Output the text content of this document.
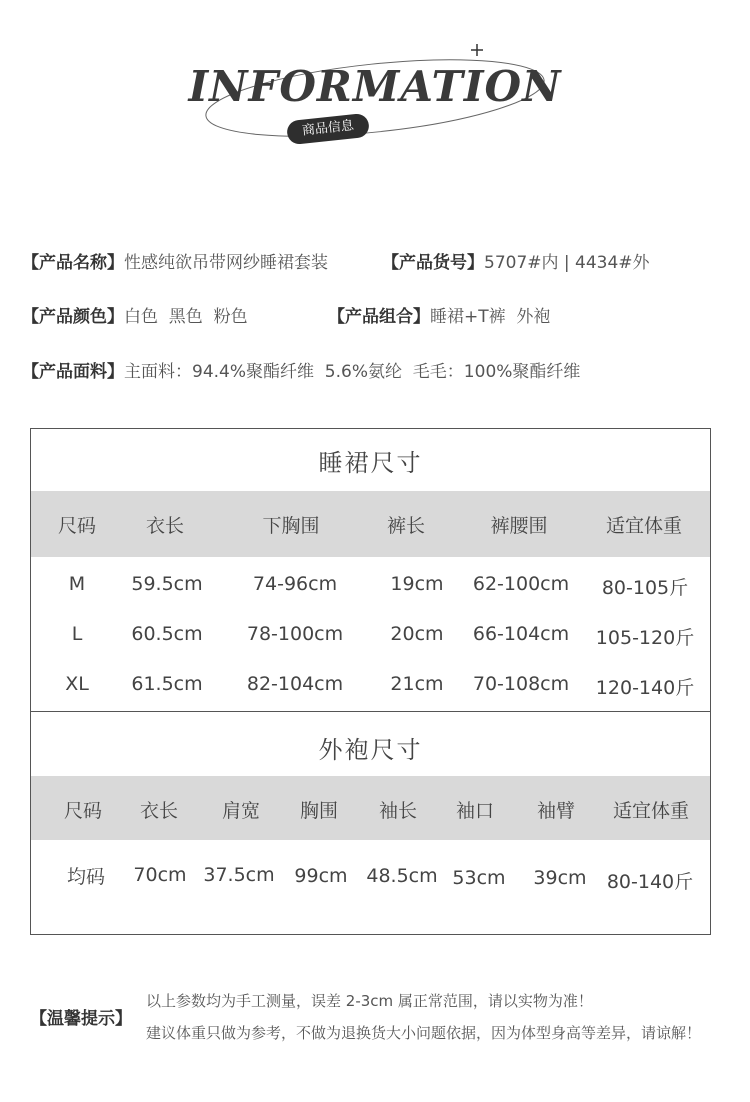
INFORMATION
商品信息
【产品名称】性感纯欲吊带网纱睡裙套装	【产品货号】5707#内 | 4434#外
【产品颜色】白色  黑色  粉色	【产品组合】睡裙+T裤  外袍
【产品面料】主面料：94.4%聚酯纤维  5.6%氨纶  毛毛：100%聚酯纤维
睡裙尺寸
尺码	衣长	下胸围	裤长	裤腰围	适宜体重
M 59.5cm	74-96cm	19cm 62-100cm 80-105斤
L	60.5cm 78-100cm 20cm 66-104cm 105-120斤
XL 61.5cm 82-104cm 21cm 70-108cm 120-140斤
外袍尺寸
尺码 衣长 肩宽 胸围 袖长 袖口 袖臂 适宜体重
均码 70cm 37.5cm 99cm 48.5cm 53cm 39cm 80-140斤
【温馨提示】
以上参数均为手工测量，误差 2-3cm 属正常范围，请以实物为准！
建议体重只做为参考，不做为退换货大小问题依据，因为体型身高等差异，请谅解！
